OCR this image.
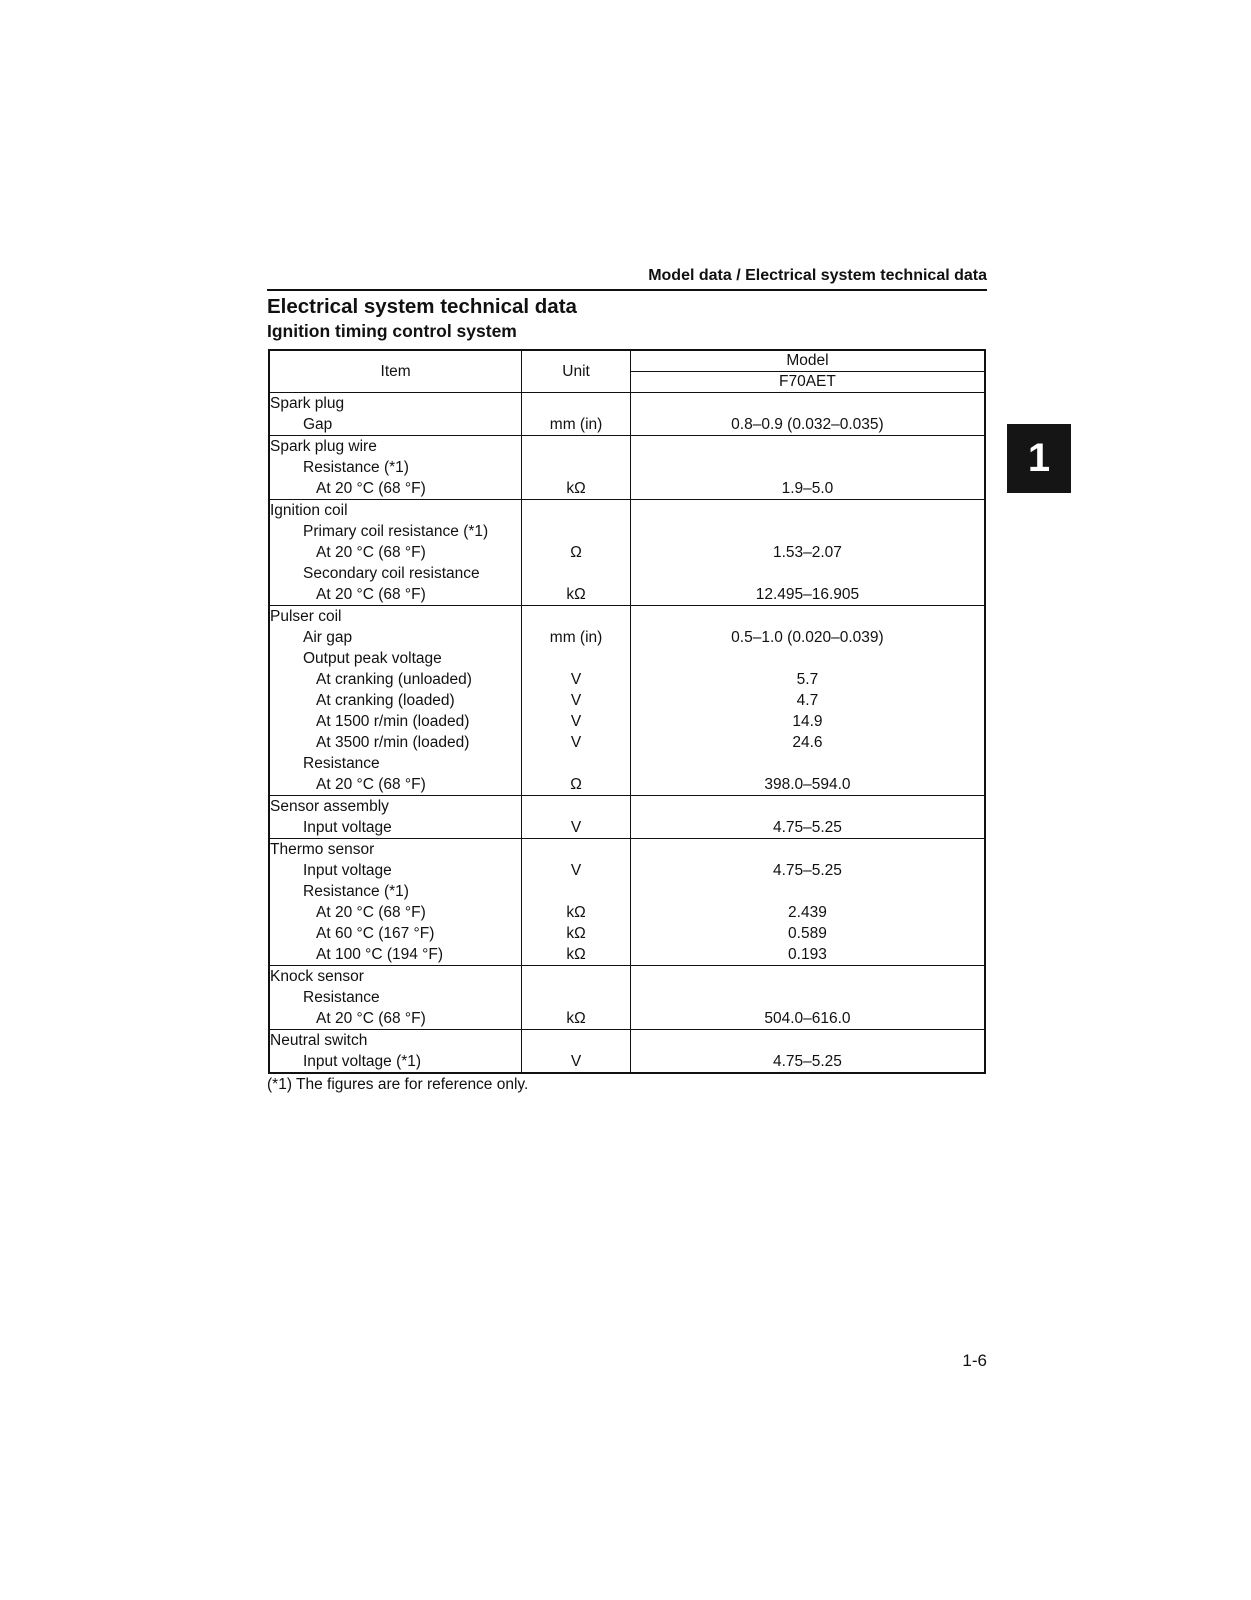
Model data / Electrical system technical data
Electrical system technical data
Ignition timing control system
1
Item	Unit	Model
		F70AET
Spark plug		
Gap	mm (in)	0.8–0.9 (0.032–0.035)
Spark plug wire		
Resistance (*1)		
At 20 °C (68 °F)	kΩ	1.9–5.0
Ignition coil		
Primary coil resistance (*1)		
At 20 °C (68 °F)	Ω	1.53–2.07
Secondary coil resistance		
At 20 °C (68 °F)	kΩ	12.495–16.905
Pulser coil		
Air gap	mm (in)	0.5–1.0 (0.020–0.039)
Output peak voltage		
At cranking (unloaded)	V	5.7
At cranking (loaded)	V	4.7
At 1500 r/min (loaded)	V	14.9
At 3500 r/min (loaded)	V	24.6
Resistance		
At 20 °C (68 °F)	Ω	398.0–594.0
Sensor assembly		
Input voltage	V	4.75–5.25
Thermo sensor		
Input voltage	V	4.75–5.25
Resistance (*1)		
At 20 °C (68 °F)	kΩ	2.439
At 60 °C (167 °F)	kΩ	0.589
At 100 °C (194 °F)	kΩ	0.193
Knock sensor		
Resistance		
At 20 °C (68 °F)	kΩ	504.0–616.0
Neutral switch		
Input voltage (*1)	V	4.75–5.25
(*1) The figures are for reference only.
1-6
